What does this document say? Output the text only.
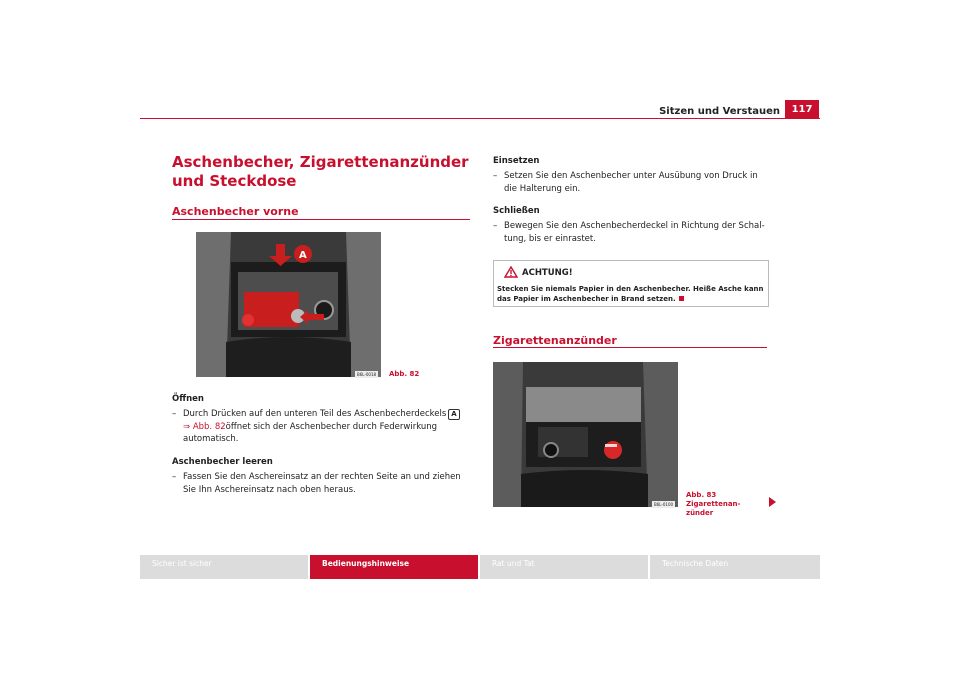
Sitzen und Verstauen	117
Aschenbecher, Zigarettenanzünder und Steckdose
Aschenbecher vorne
A
B6L-0018 Abb. 82
Öffnen
– Durch Drücken auf den unteren Teil des Aschenbecherdeckels A
⇒ Abb. 82öffnet sich der Aschenbecher durch Federwirkung automatisch.
Aschenbecher leeren
– Fassen Sie den Aschereinsatz an der rechten Seite an und ziehen Sie Ihn Aschereinsatz nach oben heraus.
Einsetzen
– Setzen Sie den Aschenbecher unter Ausübung von Druck in die Halterung ein.
Schließen
– Bewegen Sie den Aschenbecherdeckel in Richtung der Schal-tung, bis er einrastet.
ACHTUNG!
Stecken Sie niemals Papier in den Aschenbecher. Heiße Asche kann das Papier im Aschenbecher in Brand setzen.
Zigarettenanzünder
B6L-0100
Abb. 83 Zigarettenan-zünder
Sicher ist sicher	Bedienungshinweise	Rat und Tat	Technische Daten
